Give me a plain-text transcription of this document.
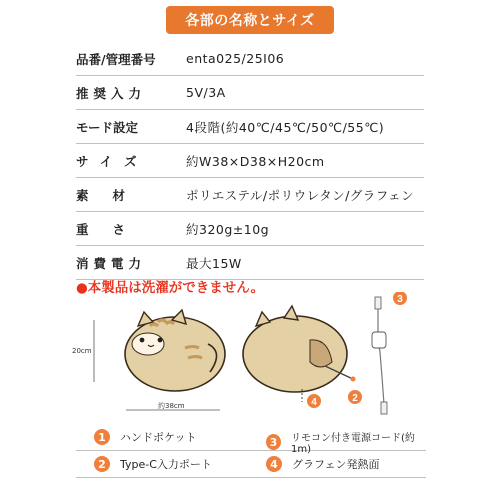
各部の名称とサイズ
品番/管理番号	enta025/25I06
推奨入力	5V/3A
モード設定	4段階(約40℃/45℃/50℃/55℃)
サイズ	約W38×D38×H20cm
素材	ポリエステル/ポリウレタン/グラフェン
重さ	約320g±10g
消費電力	最大15W
●本製品は洗濯ができません。
3
4	2
20cm
約38cm
1	ハンドポケット	3	リモコン付き電源コード(約1m)
2	Type-C入力ポート	4	グラフェン発熱面
